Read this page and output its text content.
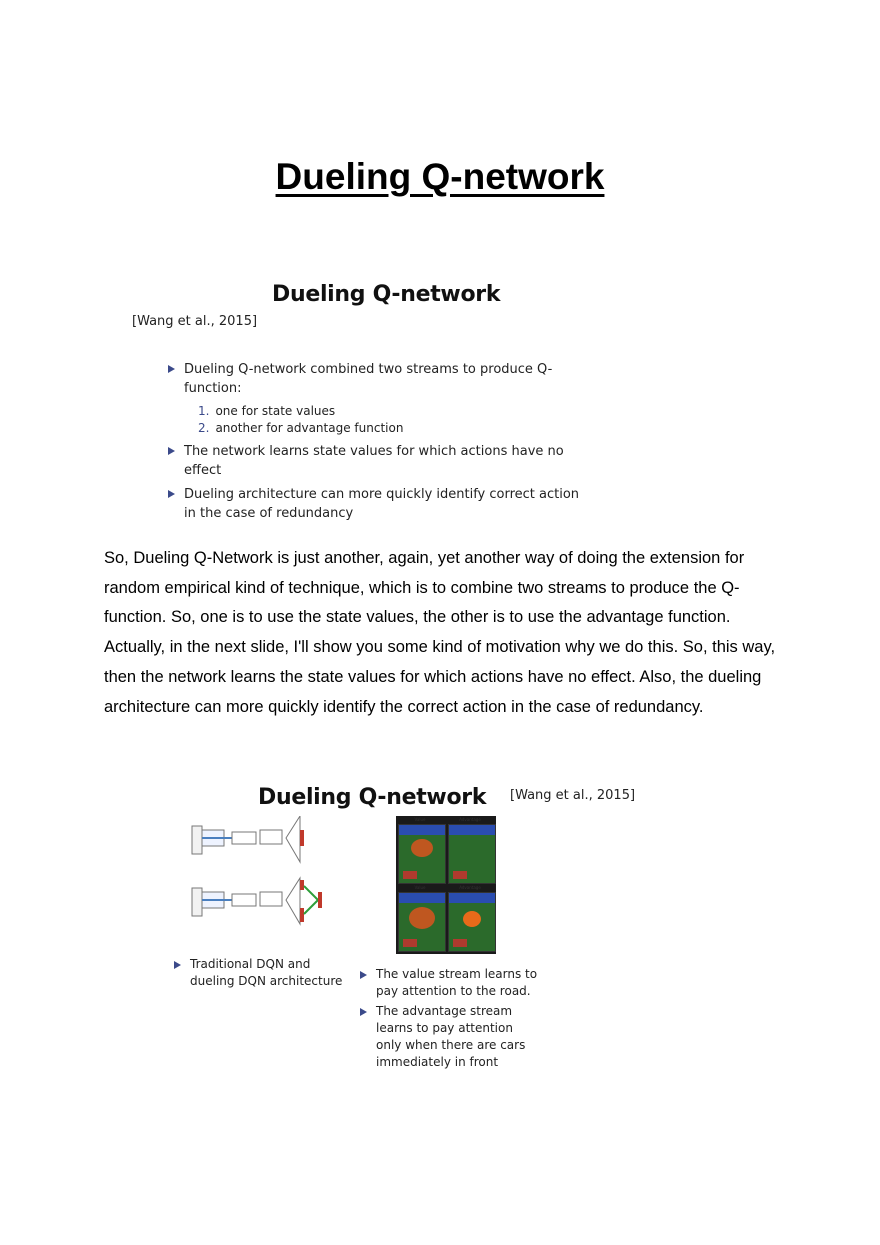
Dueling Q-network
Dueling Q-network
[Wang et al., 2015]
Dueling Q-network combined two streams to produce Q-function:
1. one for state values
2. another for advantage function
The network learns state values for which actions have no effect
Dueling architecture can more quickly identify correct action in the case of redundancy

So, Dueling Q-Network is just another, again, yet another way of doing the extension for random empirical kind of technique, which is to combine two streams to produce the Q-function. So, one is to use the state values, the other is to use the advantage function. Actually, in the next slide, I'll show you some kind of motivation why we do this. So, this way, then the network learns the state values for which actions have no effect. Also, the dueling architecture can more quickly identify the correct action in the case of redundancy.

Dueling Q-network [Wang et al., 2015]
Value	Advantage
Value	Advantage
Traditional DQN and dueling DQN architecture	The value stream learns to pay attention to the road.
The advantage stream learns to pay attention only when there are cars immediately in front
